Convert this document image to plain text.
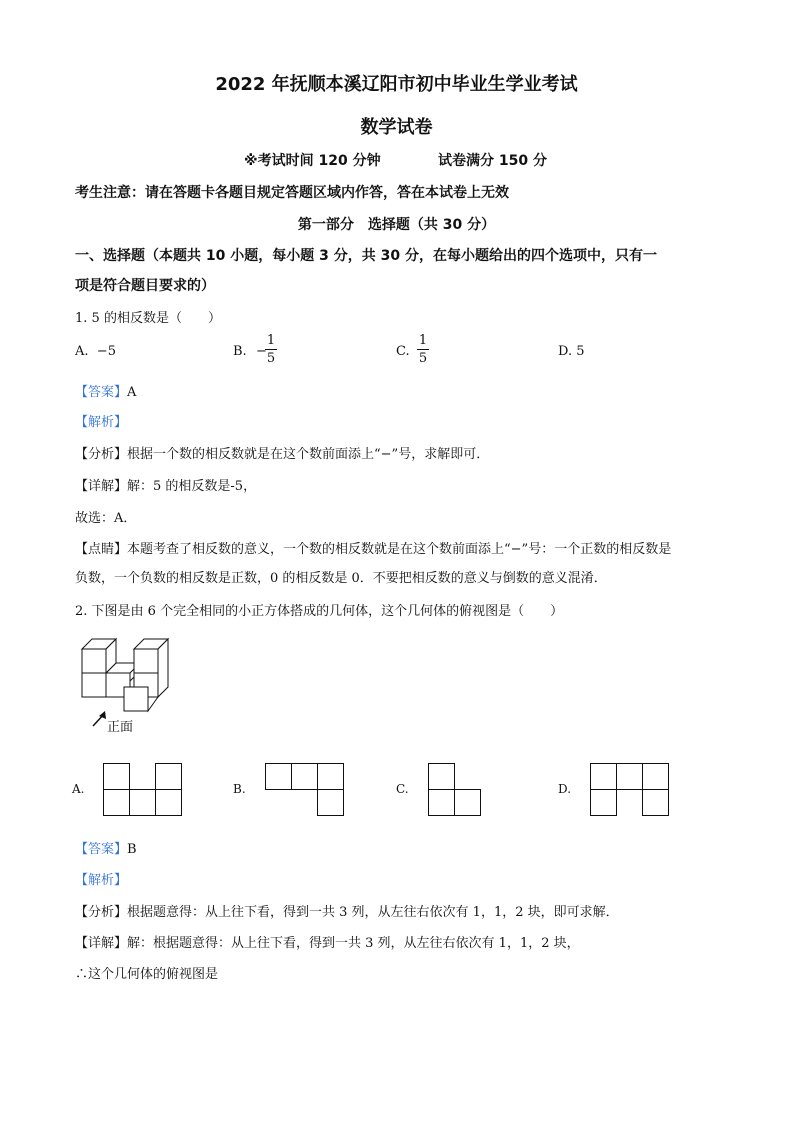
2022 年抚顺本溪辽阳市初中毕业生学业考试
数学试卷
※考试时间 120 分钟	试卷满分 150 分
考生注意：请在答题卡各题目规定答题区域内作答，答在本试卷上无效
第一部分　选择题（共 30 分）
一、选择题（本题共 10 小题，每小题 3 分，共 30 分，在每小题给出的四个选项中，只有一
项是符合题目要求的）
1. 5 的相反数是（　　）
A. −5	B. −
1
5	C.
1
5	D. 5
【答案】A
【解析】
【分析】根据一个数的相反数就是在这个数前面添上“−”号，求解即可．
【详解】解：5 的相反数是-5，
故选：A．
【点睛】本题考查了相反数的意义，一个数的相反数就是在这个数前面添上“−”号：一个正数的相反数是
负数，一个负数的相反数是正数，0 的相反数是 0．不要把相反数的意义与倒数的意义混淆．
2. 下图是由 6 个完全相同的小正方体搭成的几何体，这个几何体的俯视图是（　　）
正面
A.	B.	C.	D.
【答案】B
【解析】
【分析】根据题意得：从上往下看，得到一共 3 列，从左往右依次有 1，1，2 块，即可求解．
【详解】解：根据题意得：从上往下看，得到一共 3 列，从左往右依次有 1，1，2 块，
∴这个几何体的俯视图是
